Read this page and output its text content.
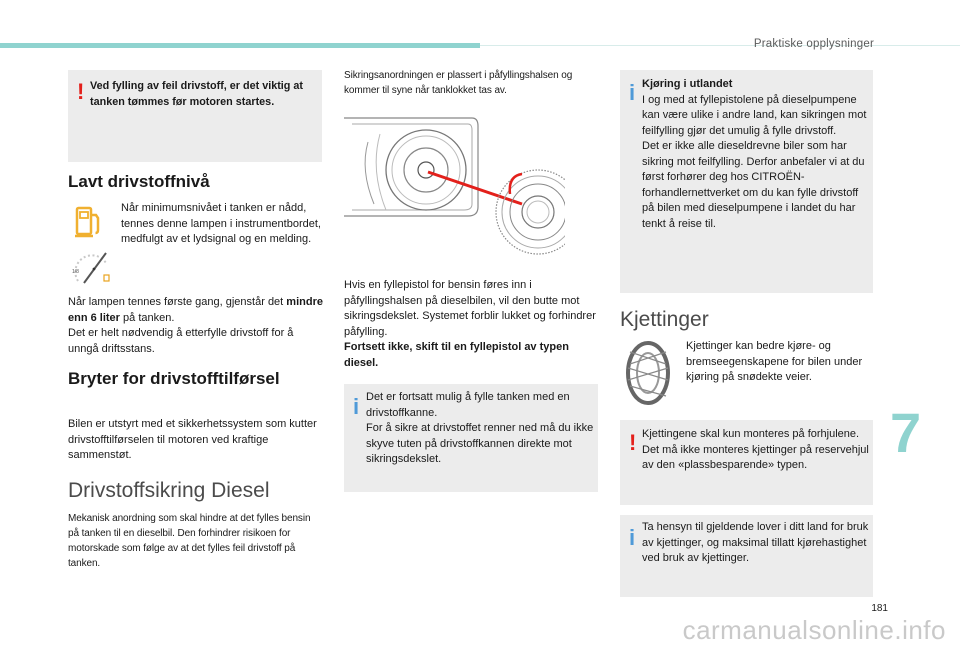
Praktiske opplysninger
! Ved fylling av feil drivstoff, er det viktig at tanken tømmes før motoren startes.
Lavt drivstoffnivå
Når minimumsnivået i tanken er nådd, tennes denne lampen i instrumentbordet, medfulgt av et lydsignal og en melding.
1/8
Når lampen tennes første gang, gjenstår det mindre enn 6 liter på tanken.
Det er helt nødvendig å etterfylle drivstoff for å unngå driftsstans.
Bryter for drivstofftilførsel
Bilen er utstyrt med et sikkerhetssystem som kutter drivstofftilførselen til motoren ved kraftige sammenstøt.
Drivstoffsikring Diesel
Mekanisk anordning som skal hindre at det fylles bensin på tanken til en dieselbil. Den forhindrer risikoen for motorskade som følge av at det fylles feil drivstoff på tanken.
Sikringsanordningen er plassert i påfyllingshalsen og kommer til syne når tanklokket tas av.
Hvis en fyllepistol for bensin føres inn i påfyllingshalsen på dieselbilen, vil den butte mot sikringsdekslet. Systemet forblir lukket og forhindrer påfylling.
Fortsett ikke, skift til en fyllepistol av typen diesel.
i Det er fortsatt mulig å fylle tanken med en drivstoffkanne.
For å sikre at drivstoffet renner ned må du ikke skyve tuten på drivstoffkannen direkte mot sikringsdekslet.
i Kjøring i utlandet
I og med at fyllepistolene på dieselpumpene kan være ulike i andre land, kan sikringen mot feilfylling gjør det umulig å fylle drivstoff.
Det er ikke alle dieseldrevne biler som har sikring mot feilfylling. Derfor anbefaler vi at du først forhører deg hos CITROËN-forhandlernettverket om du kan fylle drivstoff på bilen med dieselpumpene i landet du har tenkt å reise til.
Kjettinger
Kjettinger kan bedre kjøre- og bremseegenskapene for bilen under kjøring på snødekte veier.
! Kjettingene skal kun monteres på forhjulene. Det må ikke monteres kjettinger på reservehjul av den «plassbesparende» typen.
i Ta hensyn til gjeldende lover i ditt land for bruk av kjettinger, og maksimal tillatt kjørehastighet ved bruk av kjettinger.
7
181
carmanualsonline.info
